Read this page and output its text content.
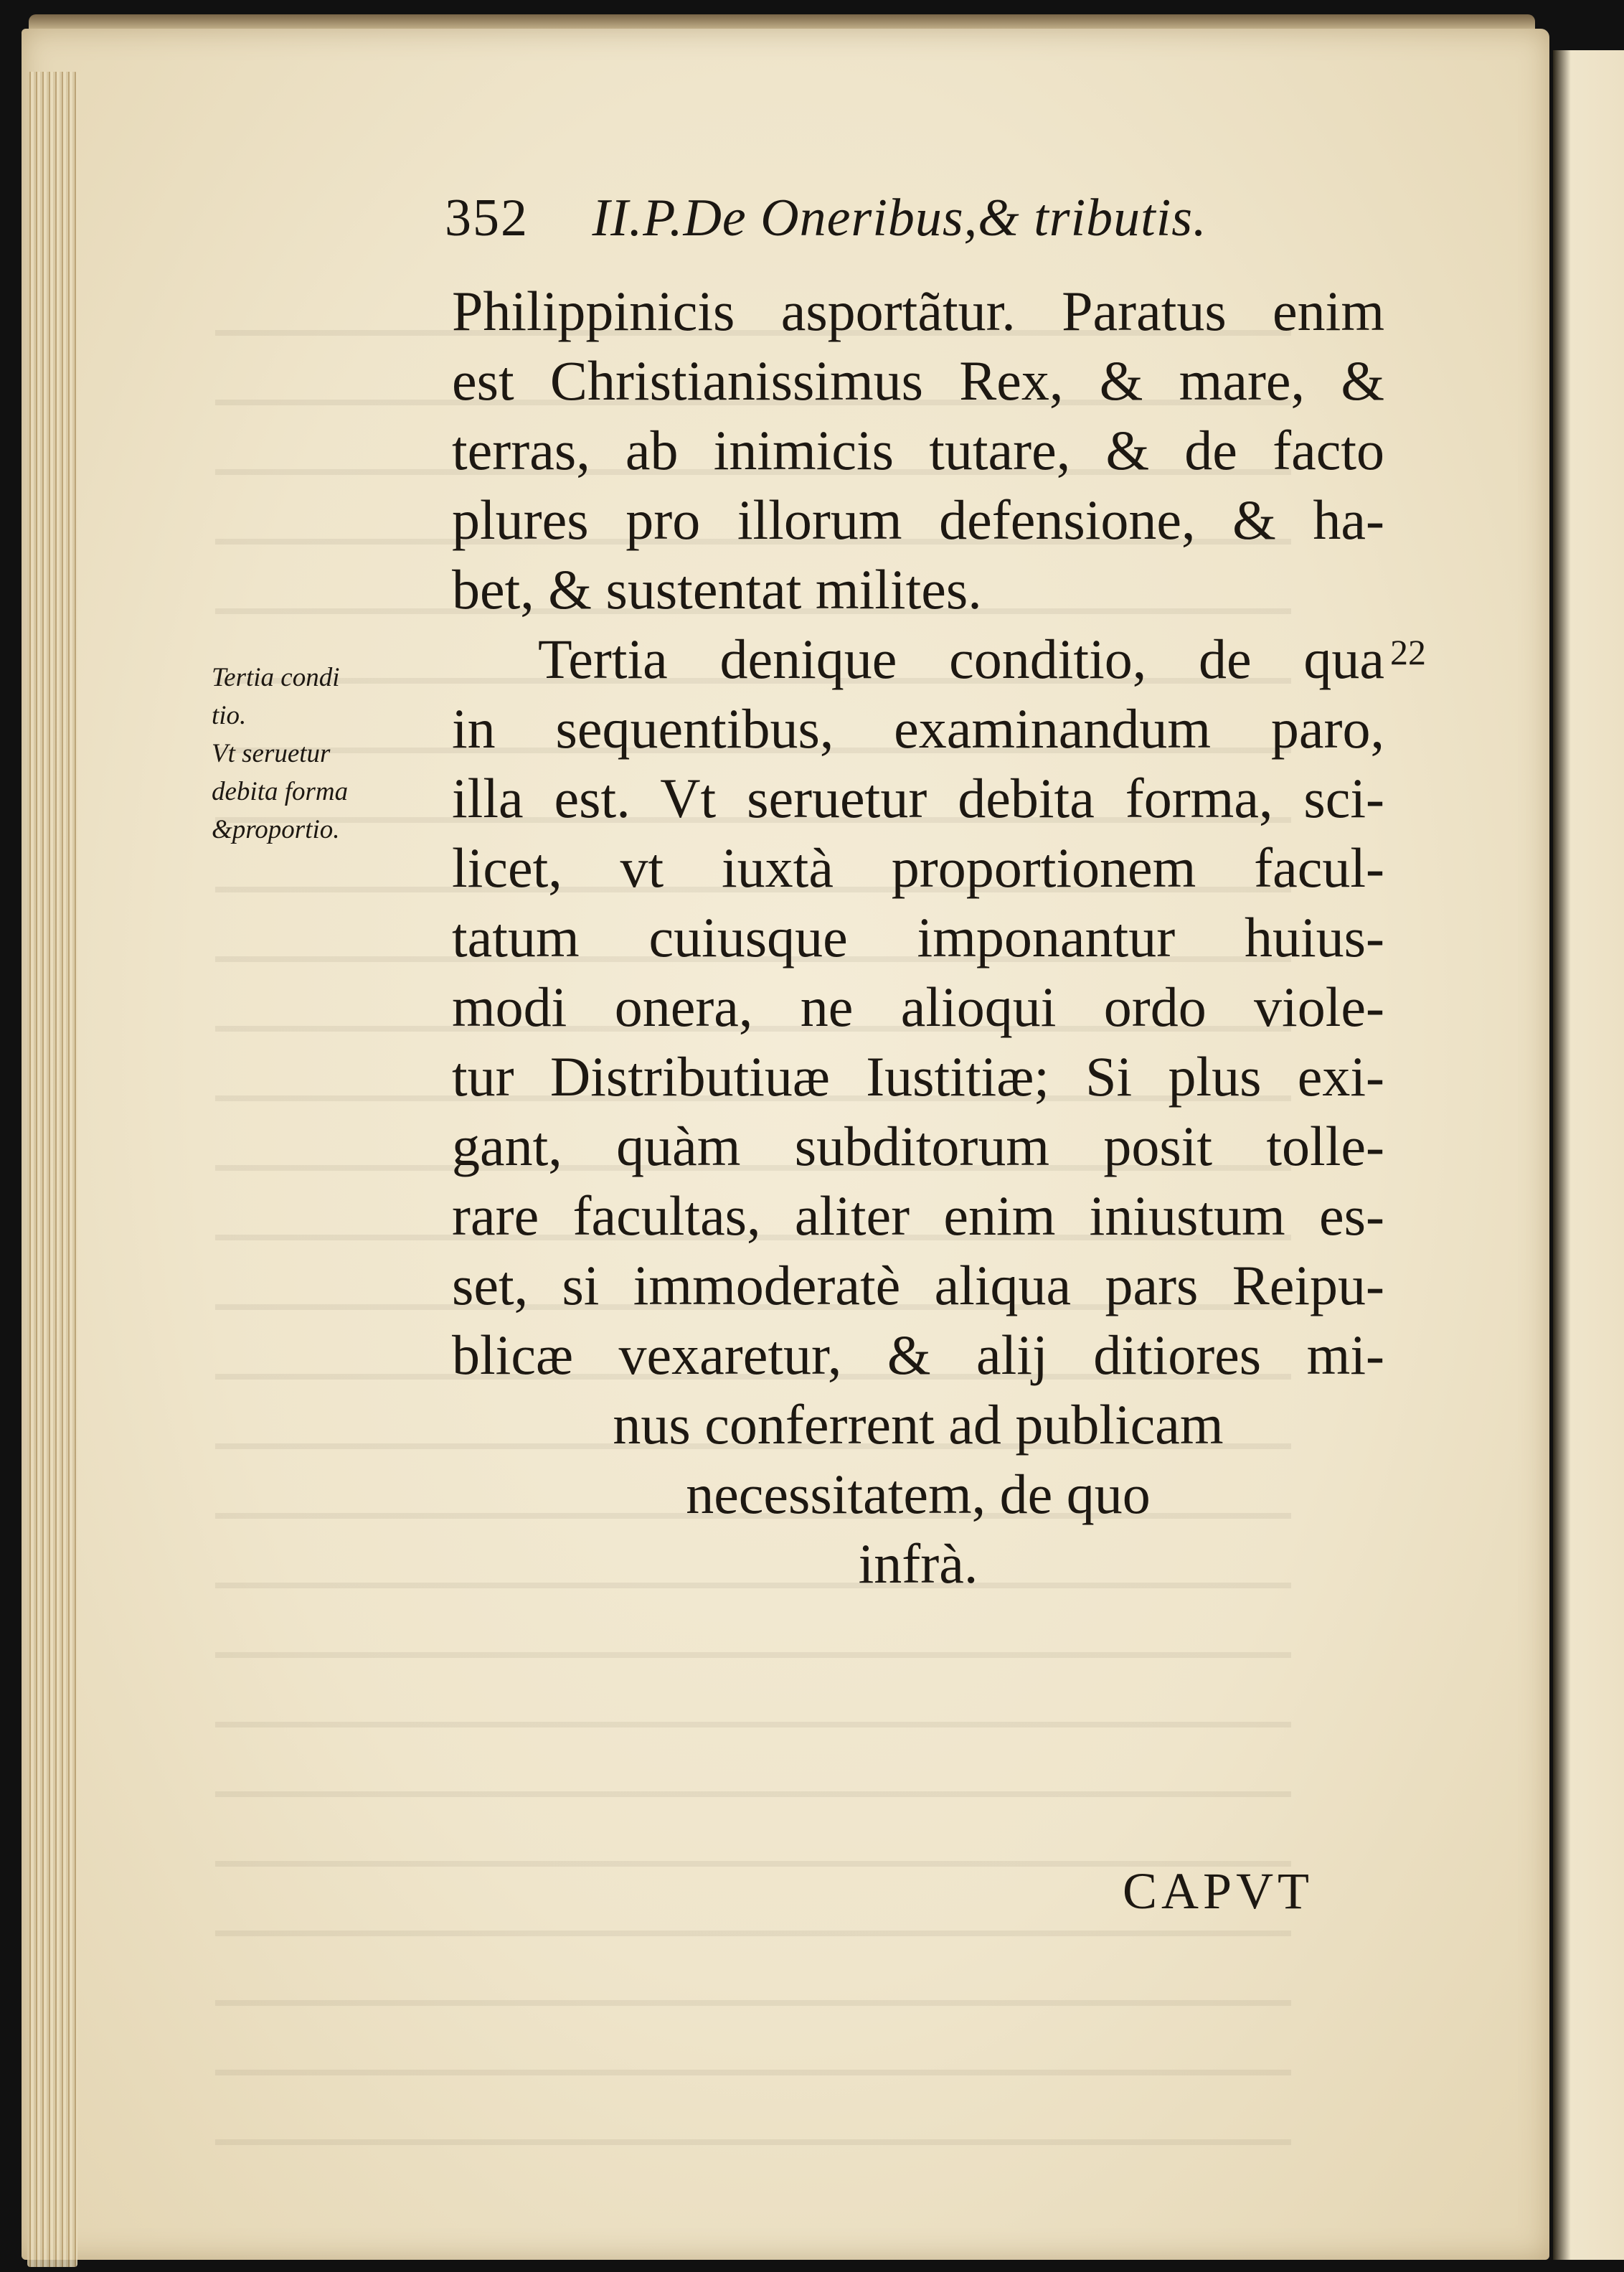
352 II.P.De Oneribus,& tributis.
22
Tertia condi
tio.
Vt seruetur
debita forma
&proportio.
Philippinicis asportãtur. Paratus enim
est Christianissimus Rex, & mare, &
terras, ab inimicis tutare, & de facto
plures pro illorum defensione, & ha-
bet, & sustentat milites.
Tertia denique conditio, de qua
in sequentibus, examinandum paro,
illa est. Vt seruetur debita forma, sci-
licet, vt iuxtà proportionem facul-
tatum cuiusque imponantur huius-
modi onera, ne alioqui ordo viole-
tur Distributiuæ Iustitiæ; Si plus exi-
gant, quàm subditorum posit tolle-
rare facultas, aliter enim iniustum es-
set, si immoderatè aliqua pars Reipu-
blicæ vexaretur, & alij ditiores mi-
nus conferrent ad publicam
necessitatem, de quo
infrà.
CAPVT
